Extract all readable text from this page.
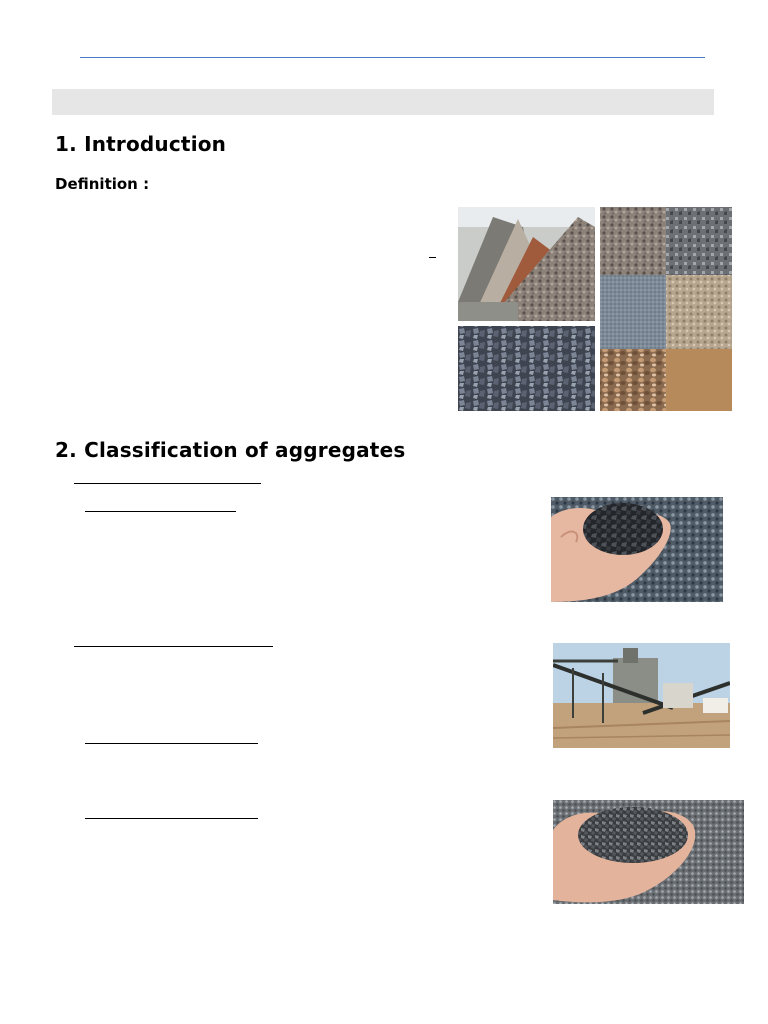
1. Introduction
Definition :
2. Classification of aggregates
